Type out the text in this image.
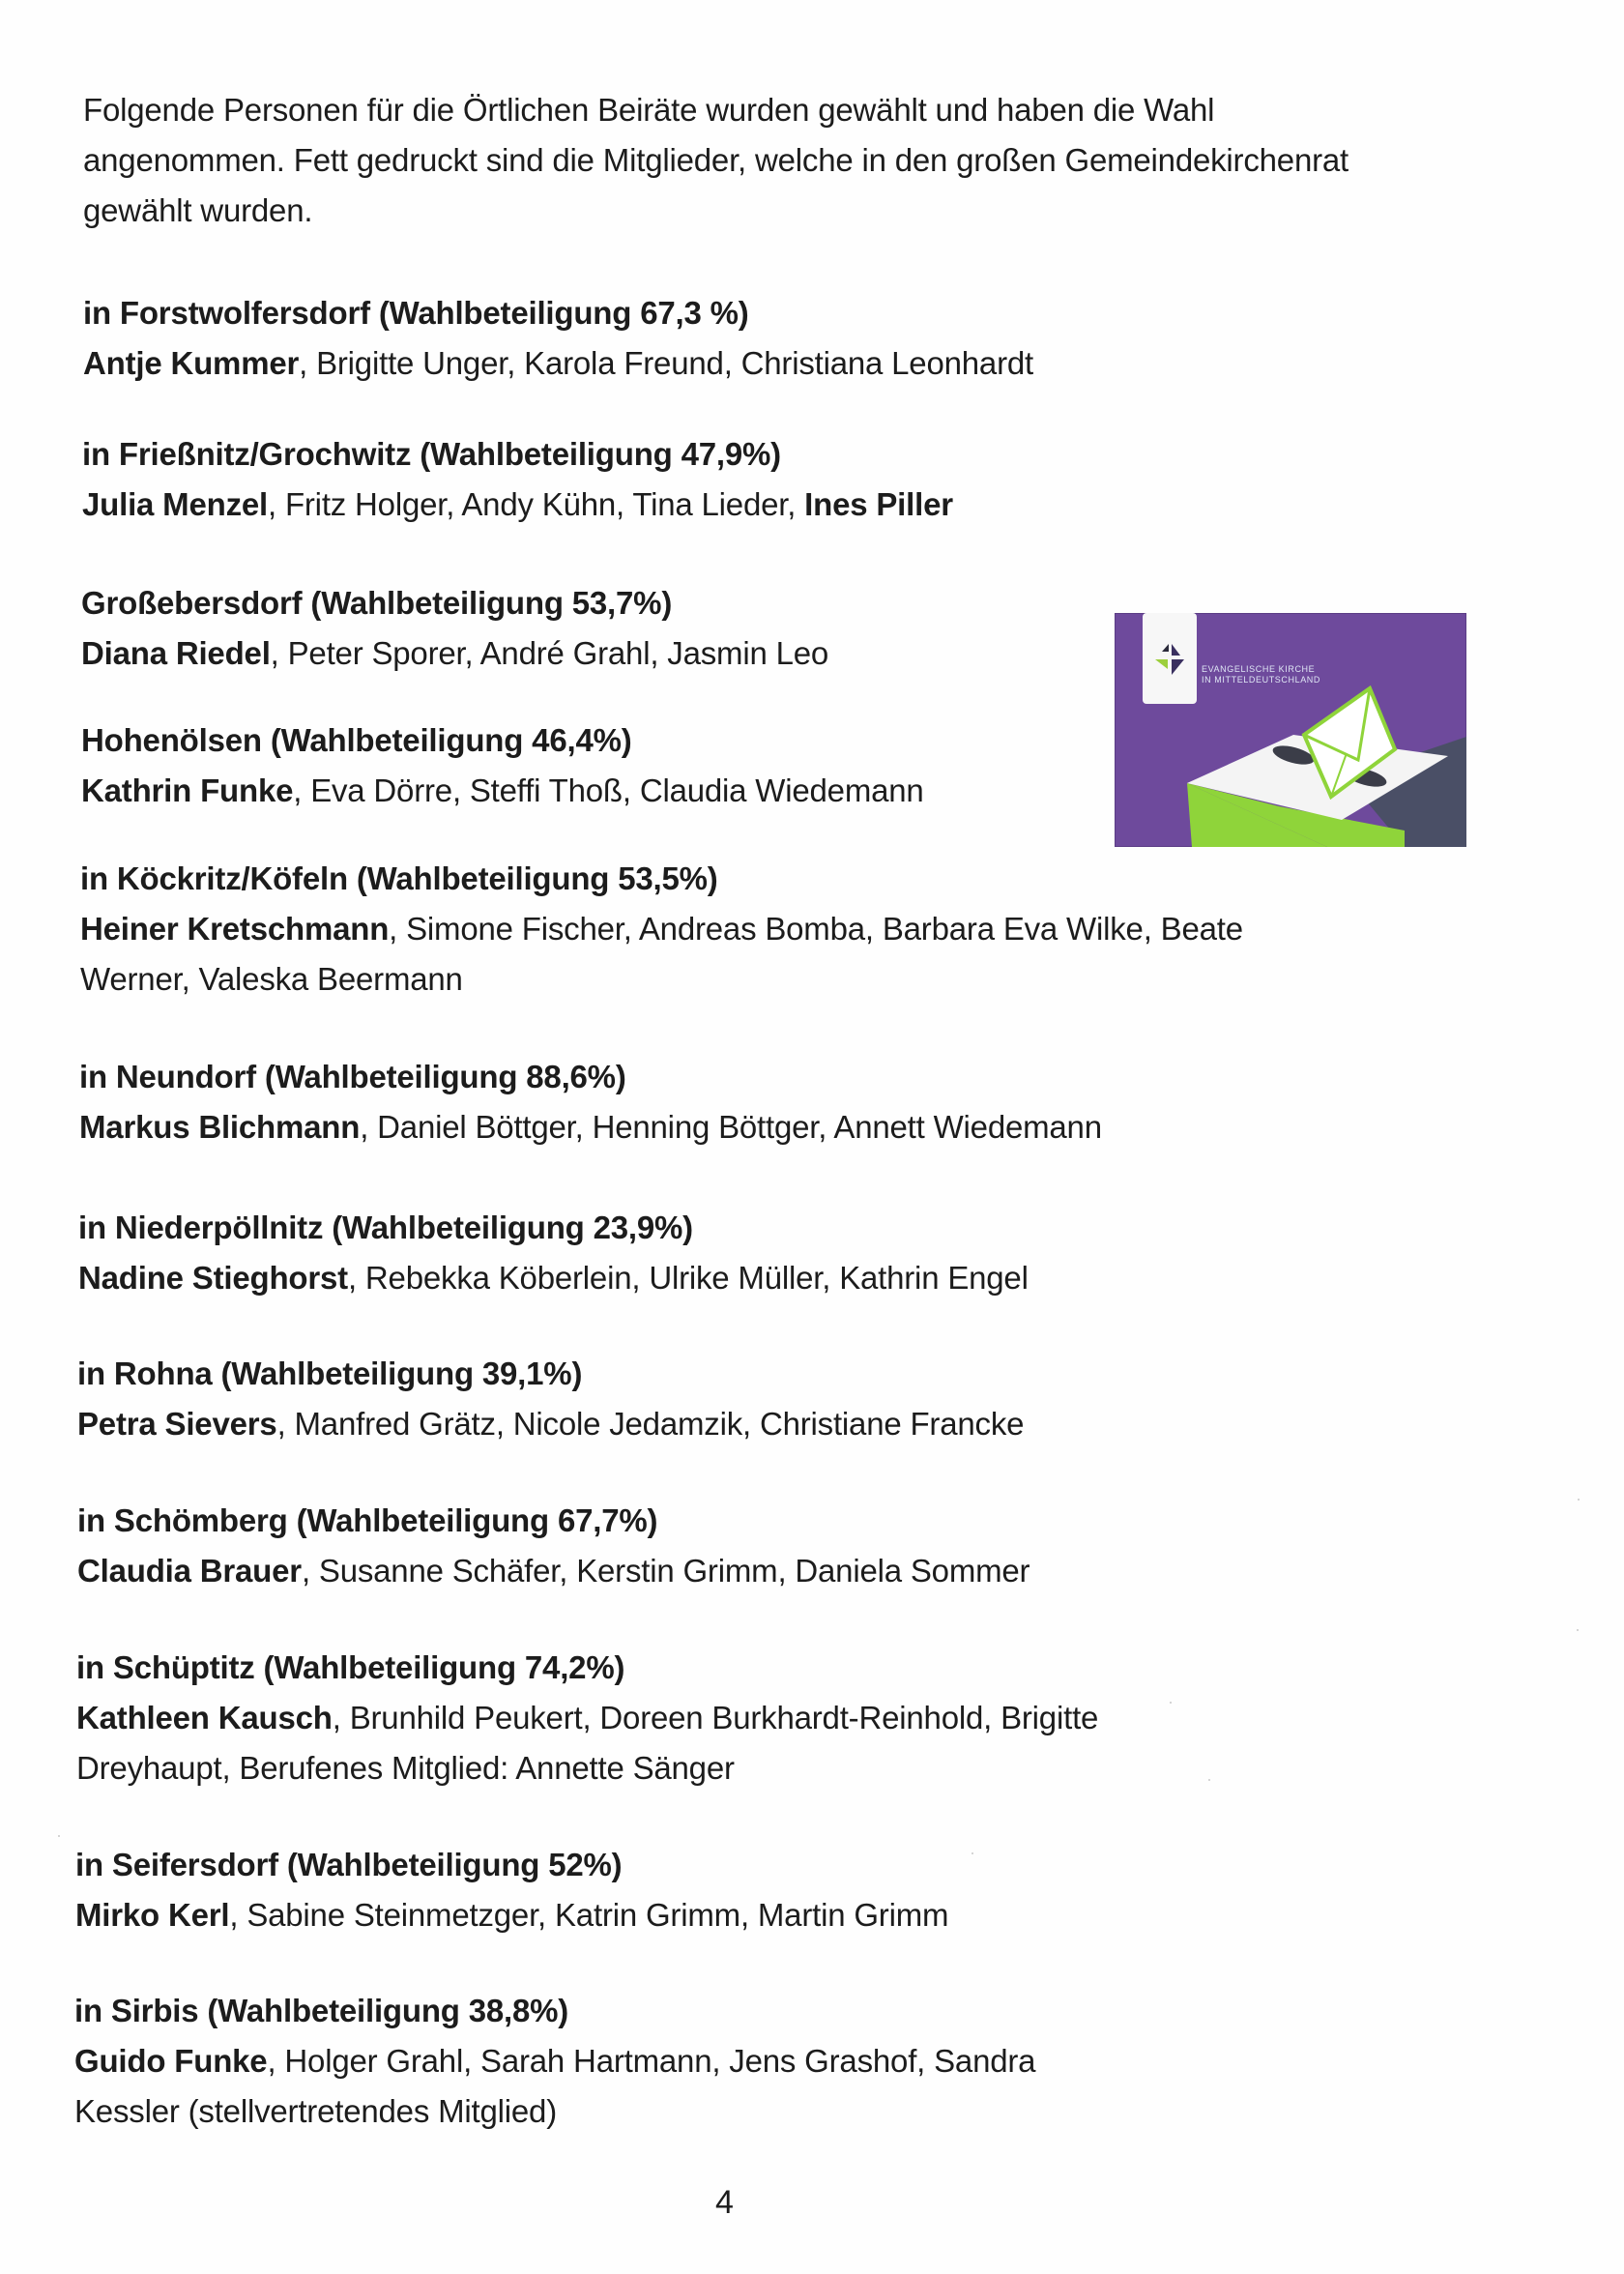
Folgende Personen für die Örtlichen Beiräte wurden gewählt und haben die Wahl angenommen. Fett gedruckt sind die Mitglieder, welche in den großen Gemeindekirchenrat gewählt wurden.

in Forstwolfersdorf (Wahlbeteiligung 67,3 %)

Antje Kummer, Brigitte Unger, Karola Freund, Christiana Leonhardt

in Frießnitz/Grochwitz (Wahlbeteiligung 47,9%)

Julia Menzel, Fritz Holger, Andy Kühn, Tina Lieder, Ines Piller

Großebersdorf (Wahlbeteiligung 53,7%)

Diana Riedel, Peter Sporer, André Grahl, Jasmin Leo

Hohenölsen (Wahlbeteiligung 46,4%)

Kathrin Funke, Eva Dörre, Steffi Thoß, Claudia Wiedemann

in Köckritz/Köfeln (Wahlbeteiligung 53,5%)

Heiner Kretschmann, Simone Fischer, Andreas Bomba, Barbara Eva Wilke, Beate Werner, Valeska Beermann

in Neundorf (Wahlbeteiligung 88,6%)

Markus Blichmann, Daniel Böttger, Henning Böttger, Annett Wiedemann

in Niederpöllnitz (Wahlbeteiligung 23,9%)

Nadine Stieghorst, Rebekka Köberlein, Ulrike Müller, Kathrin Engel

in Rohna (Wahlbeteiligung 39,1%)

Petra Sievers, Manfred Grätz, Nicole Jedamzik, Christiane Francke

in Schömberg (Wahlbeteiligung 67,7%)

Claudia Brauer, Susanne Schäfer, Kerstin Grimm, Daniela Sommer

in Schüptitz (Wahlbeteiligung 74,2%)

Kathleen Kausch, Brunhild Peukert, Doreen Burkhardt-Reinhold, Brigitte Dreyhaupt, Berufenes Mitglied: Annette Sänger

in Seifersdorf (Wahlbeteiligung 52%)

Mirko Kerl, Sabine Steinmetzger, Katrin Grimm, Martin Grimm

in Sirbis (Wahlbeteiligung 38,8%)

Guido Funke, Holger Grahl, Sarah Hartmann, Jens Grashof, Sandra Kessler (stellvertretendes Mitglied)

EVANGELISCHE KIRCHE
IN MITTELDEUTSCHLAND
4
